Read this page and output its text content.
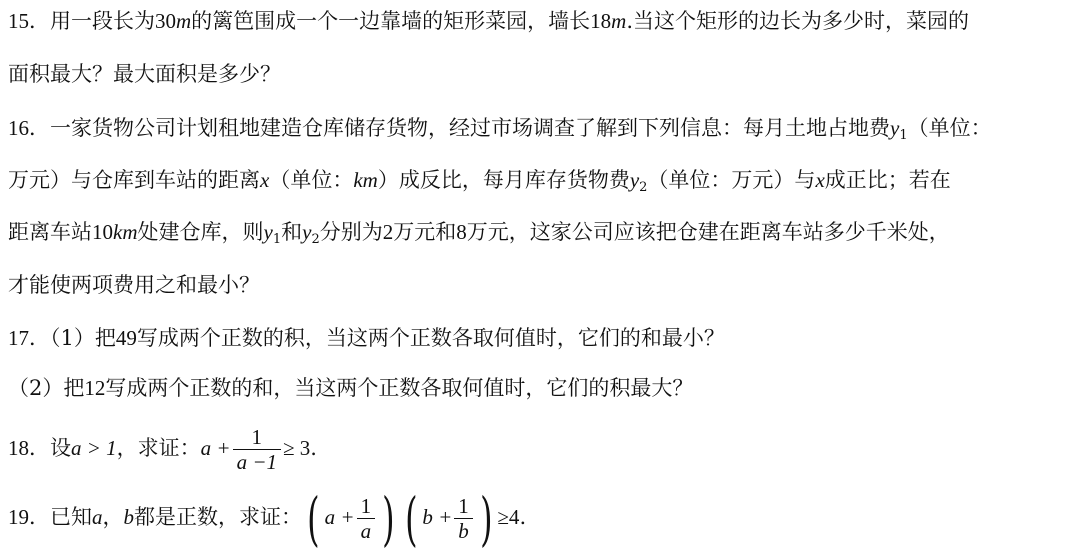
15．用一段长为30m的篱笆围成一个一边靠墙的矩形菜园，墙长18m.当这个矩形的边长为多少时，菜园的
面积最大？最大面积是多少？
16．一家货物公司计划租地建造仓库储存货物，经过市场调查了解到下列信息：每月土地占地费$y_1$（单位：
万元）与仓库到车站的距离x（单位：km）成反比，每月库存货物费$y_2$（单位：万元）与x成正比；若在
距离车站10km处建仓库，则$y_1$和$y_2$分别为2万元和8万元，这家公司应该把仓建在距离车站多少千米处，
才能使两项费用之和最小？
17．（1）把49写成两个正数的积，当这两个正数各取何值时，它们的和最小？
（2）把12写成两个正数的和，当这两个正数各取何值时，它们的积最大？
18．设a > 1，求证：$a + \frac{1}{a -1} \ge 3$.
19．已知a，b都是正数，求证：( $a + \frac{1}{a}$ ) ( $b + \frac{1}{b}$ ) ≥4.
